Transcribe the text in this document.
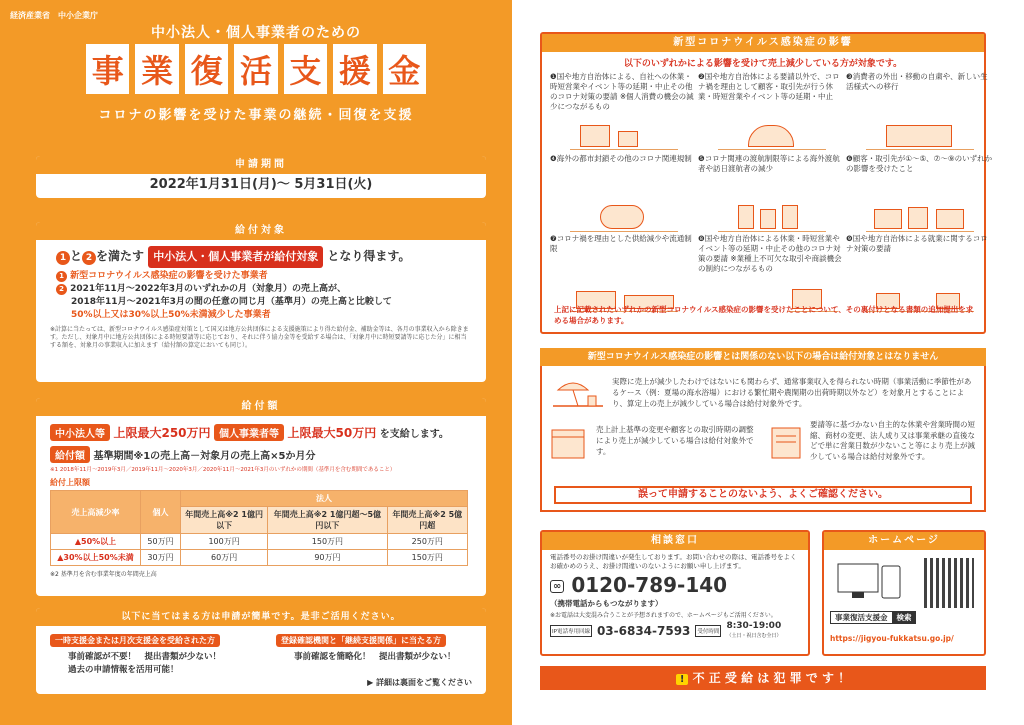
経済産業省　 中小企業庁
中小法人・個人事業者のための
事 業 復 活 支 援 金
コロナの影響を受けた事業の継続・回復を支援
申請期間
2022年1月31日(月)〜 5月31日(火)
給付対象
1 と 2 を満たす 中小法人・個人事業者が給付対象 となり得ます。
1 新型コロナウイルス感染症の影響を受けた事業者
2 2021年11月〜2022年3月のいずれかの月（対象月）の売上高が、
2018年11月〜2021年3月の間の任意の同じ月（基準月）の売上高と比較して
50%以上又は30%以上50%未満減少した事業者
※計算に当たっては、新型コロナウイルス感染症対策として国又は地方公共団体による支援施策により得た給付金、補助金等は、各月の事業収入から除きます。ただし、対象月中に地方公共団体による時短要請等に応じており、それに伴う協力金等を受給する場合は、「対象月中に時短要請等に応じた分」に相当する額を、対象月の事業収入に加えます（給付額の算定においても同じ）。
給付額
中小法人等 上限最大250万円 個人事業者等 上限最大50万円 を支給します。
給付額 基準期間※1の売上高－対象月の売上高×5か月分
※1 2018年11月〜2019年3月／2019年11月〜2020年3月／2020年11月〜2021年3月のいずれかの期間（基準月を含む期間であること）
給付上限額
売上高減少率	個人	法人		
		年間売上高※2 1億円以下	年間売上高※2 1億円超〜5億円以下	年間売上高※2 5億円超
▲50%以上	50万円	100万円	150万円	250万円
▲30%以上50%未満	30万円	60万円	90万円	150万円
※2 基準月を含む事業年度の年間売上高
以下に当てはまる方は申請が簡単です。是非ご活用ください。
一時支援金または月次支援金を受給された方
事前確認が不要！　提出書類が少ない！
過去の申請情報を活用可能！
登録確認機関と「継続支援関係」に当たる方
事前確認を簡略化！　提出書類が少ない！
▶ 詳細は裏面をご覧ください
新型コロナウイルス感染症の影響
以下のいずれかによる影響を受けて売上減少している方が対象です。
❶国や地方自治体による、自社への休業・時短営業やイベント等の延期・中止その他のコロナ対策の要請 ※個人消費の機会の減少につながるもの
❷国や地方自治体による要請以外で、コロナ禍を理由として顧客・取引先が行う休業・時短営業やイベント等の延期・中止
❸消費者の外出・移動の自粛や、新しい生活様式への移行
❹海外の都市封鎖その他のコロナ関連規制 ❺コロナ関連の渡航制限等による海外渡航者や訪日渡航者の減少
❻顧客・取引先が①〜⑤、⑦〜⑨のいずれかの影響を受けたこと
❼コロナ禍を理由とした供給減少や流通制限
❽国や地方自治体による休業・時短営業やイベント等の延期・中止その他のコロナ対策の要請 ※業種上不可欠な取引や商談機会の制約につながるもの
❾国や地方自治体による就業に関するコロナ対策の要請
上記に記載されたいずれかの新型コロナウイルス感染症の影響を受けたことについて、その裏付けとなる書類の追加提出を求める場合があります。
新型コロナウイルス感染症の影響とは関係のない以下の場合は給付対象とはなりません
実際に売上が減少したわけではないにも関わらず、通常事業収入を得られない時期（事業活動に季節性があるケース（例：夏場の海水浴場）における繁忙期や農閑期の出荷時期以外など）を対象月とすることにより、算定上の売上が減少している場合は給付対象外です。
売上計上基準の変更や顧客との取引時期の調整により売上が減少している場合は給付対象外です。
要請等に基づかない自主的な休業や営業時間の短縮、商材の変更、法人成り又は事業承継の直後などで単に営業日数が少ないこと等により売上が減少している場合は給付対象外です。
誤って申請することのないよう、よくご確認ください。
相談窓口
電話番号のお掛け間違いが発生しております。お問い合わせの際は、電話番号をよくお確かめのうえ、お掛け間違いのないようにお願い申し上げます。
∞ 0120-789-140
（携帯電話からもつながります）
※お電話は大変混み合うことが予想されますので、ホームページもご活用ください。
IP電話専用回線 03-6834-7593	受付時間
8:30-19:00
（土日・祝日含む全日）
ホームページ
事業復活支援金 検索
https://jigyou-fukkatsu.go.jp/
! 不 正 受 給 は 犯 罪 で す ！
